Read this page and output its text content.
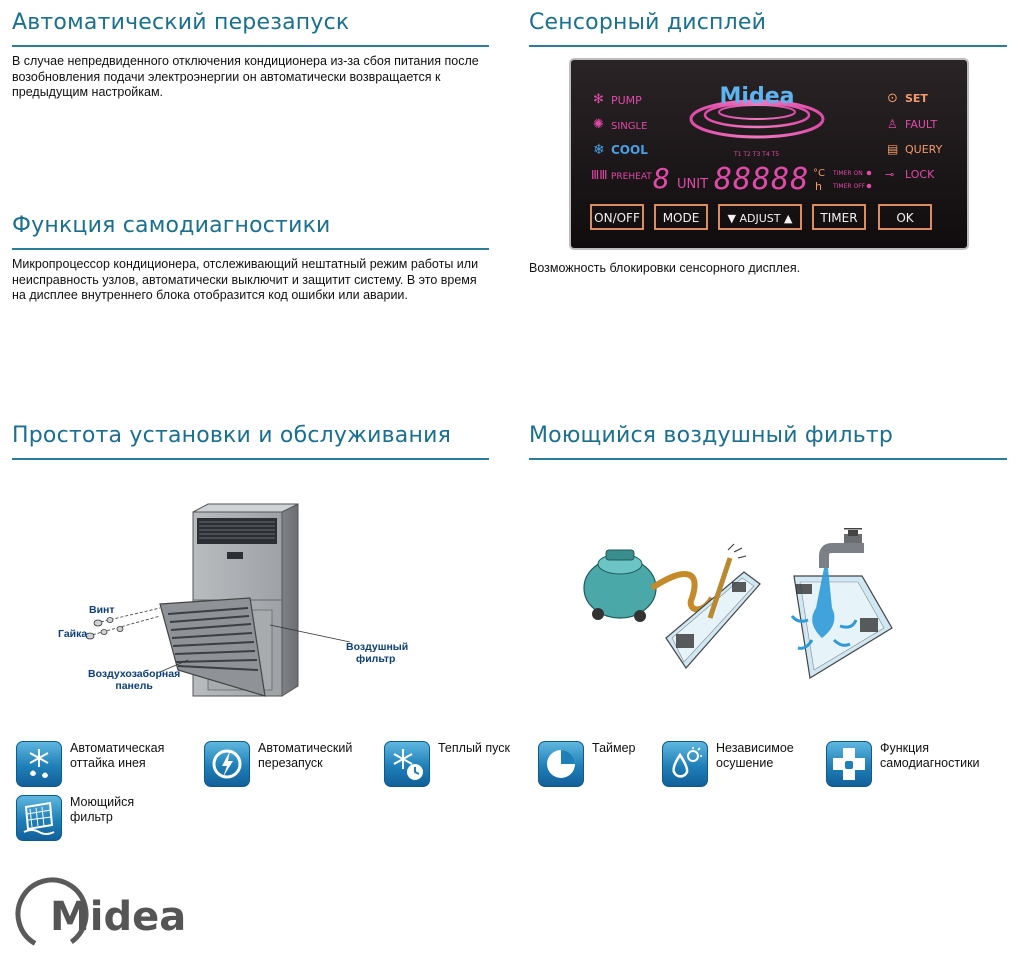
Автоматический перезапуск

В случае непредвиденного отключения кондиционера из-за сбоя питания после возобновления подачи электроэнергии он автоматически возвращается к предыдущим настройкам.

Сенсорный дисплей
Midea
✻ PUMP
✺ SINGLE
❄ COOL
ⅢⅢ PREHEAT
⊙ SET
♙ FAULT
▤ QUERY
⊸ LOCK
T1 T2 T3 T4 T5
8 UNIT 88888 °C
h
TIMER ON
TIMER OFF
ON/OFF MODE	▼ ADJUST ▲ TIMER	OK
Возможность блокировки сенсорного дисплея.
Функция самодиагностики

Микропроцессор кондиционера, отслеживающий нештатный режим работы или неисправность узлов, автоматически выключит и защитит систему. В это время на дисплее внутреннего блока отобразится код ошибки или аварии.

Простота установки и обслуживания	Моющийся воздушный фильтр
Винт
Гайка
Воздушный
фильтр
Воздухозаборная
панель
Автоматическая
оттайка инея
Автоматический
перезапуск
Теплый пуск	Таймер	Независимое
осушение
Функция
самодиагностики
Моющийся
фильтр
Midea
